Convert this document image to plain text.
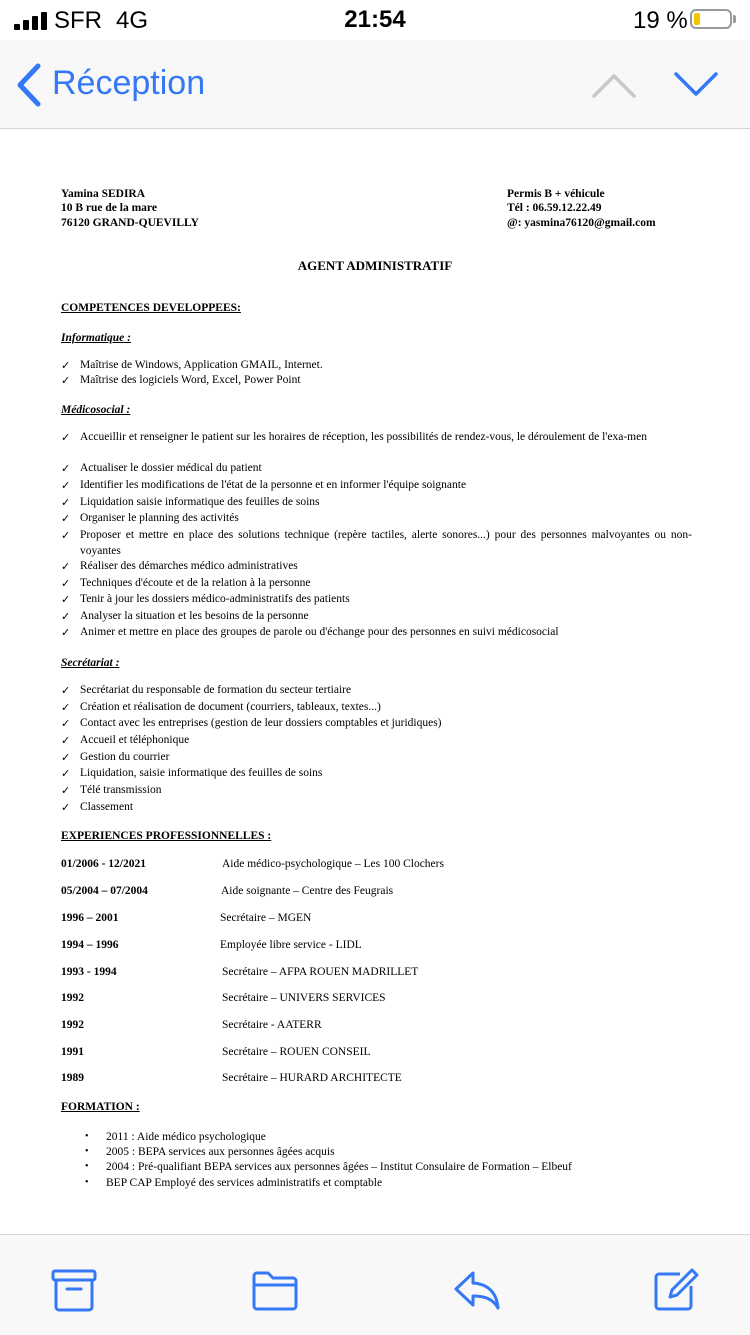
SFR 4G	21:54	19 %
Réception
Yamina SEDIRA
10 B rue de la mare
76120 GRAND-QUEVILLY
Permis B + véhicule
Tél : 06.59.12.22.49
@: yasmina76120@gmail.com
AGENT ADMINISTRATIF
COMPETENCES DEVELOPPEES:
Informatique :
✓ Maîtrise de Windows, Application GMAIL, Internet.
✓ Maîtrise des logiciels Word, Excel, Power Point
Médicosocial :
✓ Accueillir et renseigner le patient sur les horaires de réception, les possibilités de rendez-vous, le déroulement de l'exa-men
✓ Actualiser le dossier médical du patient
✓ Identifier les modifications de l'état de la personne et en informer l'équipe soignante
✓ Liquidation saisie informatique des feuilles de soins
✓ Organiser le planning des activités
✓ Proposer et mettre en place des solutions technique (repère tactiles, alerte sonores...) pour des personnes malvoyantes ou non-voyantes
✓ Réaliser des démarches médico administratives
✓ Techniques d'écoute et de la relation à la personne
✓ Tenir à jour les dossiers médico-administratifs des patients
✓ Analyser la situation et les besoins de la personne
✓ Animer et mettre en place des groupes de parole ou d'échange pour des personnes en suivi médicosocial
Secrétariat :
✓ Secrétariat du responsable de formation du secteur tertiaire
✓ Création et réalisation de document (courriers, tableaux, textes...)
✓ Contact avec les entreprises (gestion de leur dossiers comptables et juridiques)
✓ Accueil et téléphonique
✓ Gestion du courrier
✓ Liquidation, saisie informatique des feuilles de soins
✓ Télé transmission
✓ Classement
EXPERIENCES PROFESSIONNELLES :
01/2006 - 12/2021	Aide médico-psychologique – Les 100 Clochers
05/2004 – 07/2004	Aide soignante – Centre des Feugrais
1996 – 2001	Secrétaire – MGEN
1994 – 1996	Employée libre service - LIDL
1993 - 1994	Secrétaire – AFPA ROUEN MADRILLET
1992	Secrétaire – UNIVERS SERVICES
1992	Secrétaire - AATERR
1991	Secrétaire – ROUEN CONSEIL
1989	Secrétaire – HURARD ARCHITECTE
FORMATION :
• 2011 : Aide médico psychologique
• 2005 : BEPA services aux personnes âgées acquis
• 2004 : Pré-qualifiant BEPA services aux personnes âgées – Institut Consulaire de Formation – Elbeuf
• BEP CAP Employé des services administratifs et comptable
